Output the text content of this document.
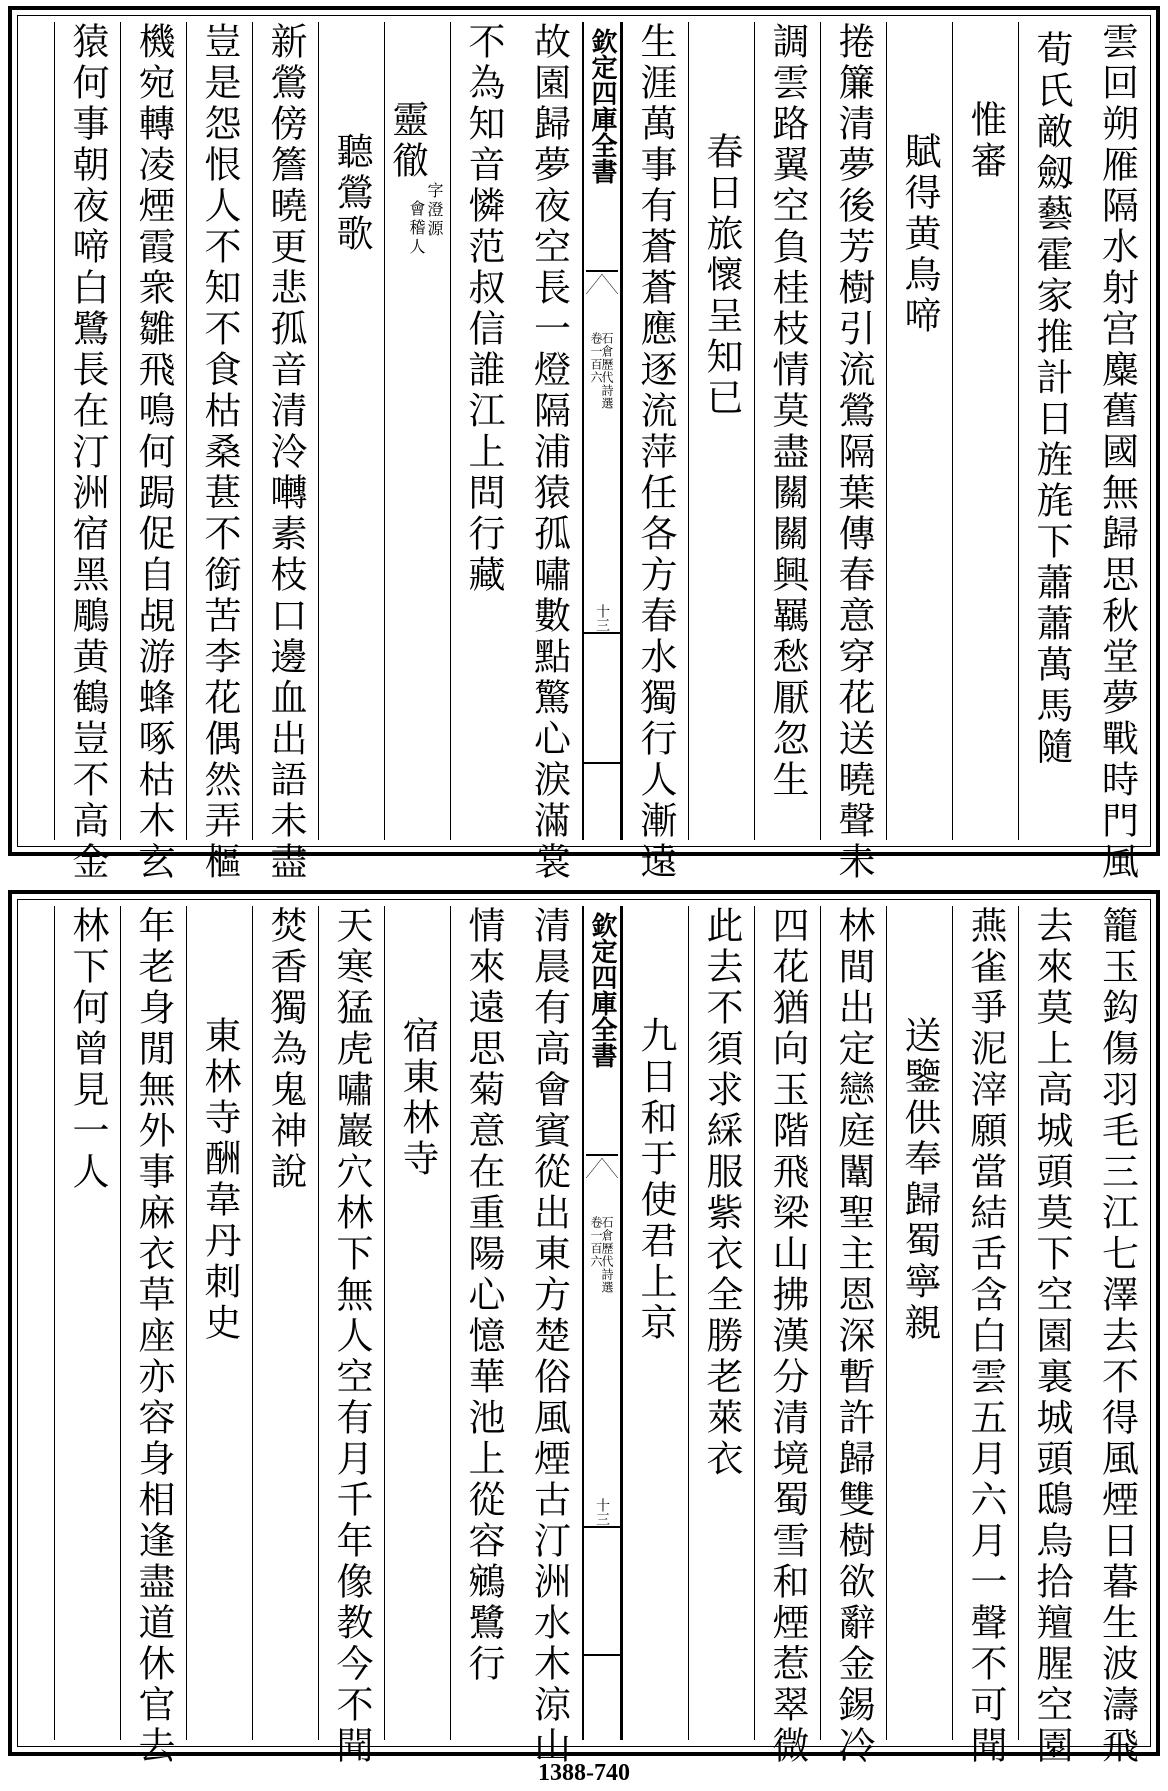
雲回朔雁隔水射宫麋舊國無歸思秋堂夢戰時門風
荀氏敵劔藝霍家推計日旌旄下蕭蕭萬馬隨
惟審
賦得黄鳥啼
捲簾清夢後芳樹引流鶯隔葉傳春意穿花送曉聲未
調雲路翼空負桂枝情莫盡關關興羈愁厭忽生
春日旅懷呈知已
生涯萬事有蒼蒼應逐流萍任各方春水獨行人漸遠
欽定四庫全書
石倉歷代詩選
卷一百六
十三
故園歸夢夜空長一燈隔浦猿孤嘯數點驚心淚滿裳
不為知音憐范叔信誰江上問行藏
靈徹
字澄源
會稽人
聽鶯歌
新鶯傍簷曉更悲孤音清泠囀素枝口邊血出語未盡
豈是怨恨人不知不食枯桑葚不銜苦李花偶然弄樞
機宛轉凌煙霞衆雛飛鳴何跼促自覘游蜂啄枯木玄
猿何事朝夜啼白鷺長在汀洲宿黑鵰黄鶴豈不高金
籠玉鈎傷羽毛三江七澤去不得風煙日暮生波濤飛
去來莫上高城頭莫下空園裏城頭鴟烏拾羶腥空園
燕雀爭泥滓願當結舌含白雲五月六月一聲不可聞
送鑒供奉歸蜀寧親
林間出定戀庭闈聖主恩深暫許歸雙樹欲辭金錫冷
四花猶向玉階飛梁山拂漢分清境蜀雪和煙惹翠微
此去不須求綵服紫衣全勝老萊衣
九日和于使君上京
欽定四庫全書
石倉歷代詩選
卷一百六
十三
清晨有高會賓從出東方楚俗風煙古汀洲水木涼山
情來遠思菊意在重陽心憶華池上從容鵷鷺行
宿東林寺
天寒猛虎嘯巖穴林下無人空有月千年像教今不聞
焚香獨為鬼神說
東林寺酬韋丹刺史
年老身閒無外事麻衣草座亦容身相逢盡道休官去
林下何曾見一人
1388-740
